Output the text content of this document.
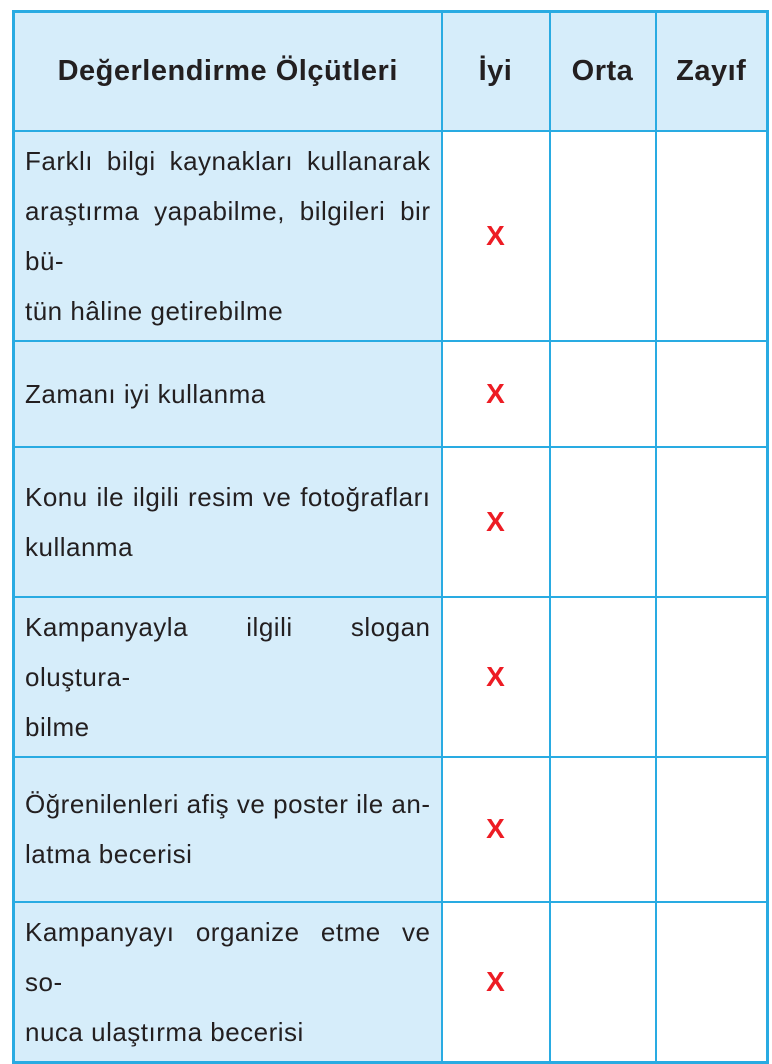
Değerlendirme Ölçütleri	İyi	Orta	Zayıf

Farklı bilgi kaynakları kullanarak
araştırma yapabilme, bilgileri bir bü-
tün hâline getirebilme	X		

Zamanı iyi kullanma	X		

Konu ile ilgili resim ve fotoğrafları
kullanma	X		

Kampanyayla ilgili slogan oluştura-
bilme	X		

Öğrenilenleri afiş ve poster ile an-
latma becerisi	X		

Kampanyayı organize etme ve so-
nuca ulaştırma becerisi	X		
